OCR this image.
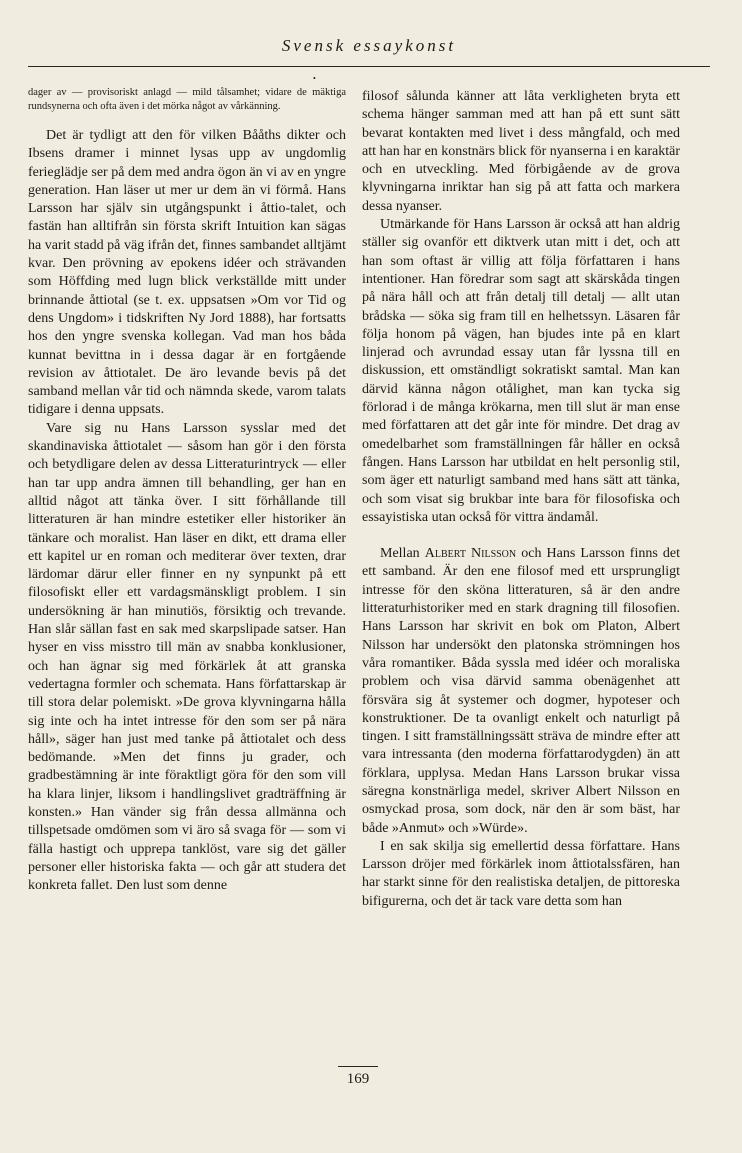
Svensk essaykonst
•

dager av — provisoriskt anlagd — mild tålsamhet; vidare de mäktiga rundsynerna och ofta även i det mörka något av vårkänning.

Det är tydligt att den för vilken Bååths dikter och Ibsens dramer i minnet lysas upp av ungdomlig feriеglädje ser på dem med andra ögon än vi av en yngre generation. Han läser ut mer ur dem än vi förmå. Hans Larsson har själv sin utgångspunkt i åttio-talet, och fastän han alltifrån sin första skrift Intuition kan sägas ha varit stadd på väg ifrån det, finnes sambandet alltjämt kvar. Den prövning av epokens idéer och strävanden som Höffding med lugn blick verkställde mitt under brinnande åttiotal (se t. ex. uppsatsen »Om vor Tid og dens Ungdom» i tidskriften Ny Jord 1888), har fortsatts hos den yngre svenska kollegan. Vad man hos båda kunnat bevittna in i dessa dagar är en fortgående revision av åttiotalet. De äro levande bevis på det samband mellan vår tid och nämnda skede, varom talats tidigare i denna uppsats.

Vare sig nu Hans Larsson sysslar med det skandinaviska åttiotalet — såsom han gör i den första och betydligare delen av dessa Litteraturintryck — eller han tar upp andra ämnen till behandling, ger han en alltid något att tänka över. I sitt förhållande till litteraturen är han mindre estetiker eller historiker än tänkare och moralist. Han läser en dikt, ett drama eller ett kapitel ur en roman och mediterar över texten, drar lärdomar därur eller finner en ny synpunkt på ett filosofiskt eller ett vardagsmänskligt problem. I sin undersökning är han minutiös, försiktig och trevande. Han slår sällan fast en sak med skarpslipade satser. Han hyser en viss misstro till män av snabba konklusioner, och han ägnar sig med förkärlek åt att granska vedertagna formler och schemata. Hans författarskap är till stora delar polemiskt. »De grova klyvningarna hålla sig inte och ha intet intresse för den som ser på nära håll», säger han just med tanke på åttiotalet och dess bedömande. »Men det finns ju grader, och gradbestämning är inte föraktligt göra för den som vill ha klara linjer, liksom i handlingslivet gradträffning är konsten.» Han vänder sig från dessa allmänna och tillspetsade omdömen som vi äro så svaga för — som vi fälla hastigt och upprepa tanklöst, vare sig det gäller personer eller historiska fakta — och går att studera det konkreta fallet. Den lust som denne

filosof sålunda känner att låta verkligheten bryta ett schema hänger samman med att han på ett sunt sätt bevarat kontakten med livet i dess mångfald, och med att han har en konstnärs blick för nyanserna i en karaktär och en utveckling. Med förbigående av de grova klyvningarna inriktar han sig på att fatta och markera dessa nyanser.

Utmärkande för Hans Larsson är också att han aldrig ställer sig ovanför ett diktverk utan mitt i det, och att han som oftast är villig att följa författaren i hans intentioner. Han föredrar som sagt att skärskåda tingen på nära håll och att från detalj till detalj — allt utan brådska — söka sig fram till en helhetssyn. Läsaren får följa honom på vägen, han bjudes inte på en klart linjerad och avrundad essay utan får lyssna till en diskussion, ett omständligt sokratiskt samtal. Man kan därvid känna någon otålighet, man kan tycka sig förlorad i de många krökarna, men till slut är man ense med författaren att det går inte för mindre. Det drag av omedelbarhet som framställningen får håller en också fången. Hans Larsson har utbildat en helt personlig stil, som äger ett naturligt samband med hans sätt att tänka, och som visat sig brukbar inte bara för filosofiska och essayistiska utan också för vittra ändamål.

Mellan Albert Nilsson och Hans Larsson finns det ett samband. Är den ene filosof med ett ursprungligt intresse för den sköna litteraturen, så är den andre litteraturhistoriker med en stark dragning till filosofien. Hans Larsson har skrivit en bok om Platon, Albert Nilsson har undersökt den platonska strömningen hos våra romantiker. Båda syssla med idéer och moraliska problem och visa därvid samma obenägenhet att försvära sig åt systemer och dogmer, hypoteser och konstruktioner. De ta ovanligt enkelt och naturligt på tingen. I sitt framställningssätt sträva de mindre efter att vara intressanta (den moderna författarodygden) än att förklara, upplysa. Medan Hans Larsson brukar vissa säregna konstnärliga medel, skriver Albert Nilsson en osmyckad prosa, som dock, när den är som bäst, har både »Anmut» och »Würde».

I en sak skilja sig emellertid dessa författare. Hans Larsson dröjer med förkärlek inom åttiotalssfären, han har starkt sinne för den realistiska detaljen, de pittoreska bifigurerna, och det är tack vare detta som han

169
